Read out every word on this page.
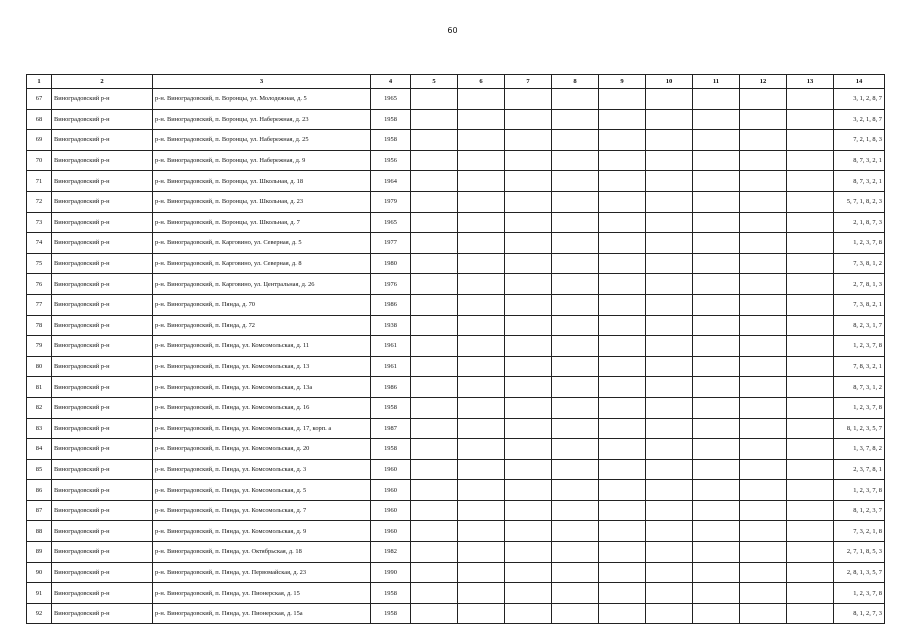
60
1	2	3	4	5	6	7	8	9	10	11	12	13	14
67	Виноградовский р-н	р-н. Виноградовский, п. Воронцы, ул. Молодежная, д. 5	1965										3, 1, 2, 8, 7
68	Виноградовский р-н	р-н. Виноградовский, п. Воронцы, ул. Набережная, д. 23	1958										3, 2, 1, 8, 7
69	Виноградовский р-н	р-н. Виноградовский, п. Воронцы, ул. Набережная, д. 25	1958										7, 2, 1, 8, 3
70	Виноградовский р-н	р-н. Виноградовский, п. Воронцы, ул. Набережная, д. 9	1956										8, 7, 3, 2, 1
71	Виноградовский р-н	р-н. Виноградовский, п. Воронцы, ул. Школьная, д. 18	1964										8, 7, 3, 2, 1
72	Виноградовский р-н	р-н. Виноградовский, п. Воронцы, ул. Школьная, д. 23	1979										5, 7, 1, 8, 2, 3
73	Виноградовский р-н	р-н. Виноградовский, п. Воронцы, ул. Школьная, д. 7	1965										2, 1, 8, 7, 3
74	Виноградовский р-н	р-н. Виноградовский, п. Карговино, ул. Северная, д. 5	1977										1, 2, 3, 7, 8
75	Виноградовский р-н	р-н. Виноградовский, п. Карговино, ул. Северная, д. 8	1980										7, 3, 8, 1, 2
76	Виноградовский р-н	р-н. Виноградовский, п. Карговино, ул. Центральная, д. 26	1976										2, 7, 8, 1, 3
77	Виноградовский р-н	р-н. Виноградовский, п. Пянда, д. 70	1986										7, 3, 8, 2, 1
78	Виноградовский р-н	р-н. Виноградовский, п. Пянда, д. 72	1938										8, 2, 3, 1, 7
79	Виноградовский р-н	р-н. Виноградовский, п. Пянда, ул. Комсомольская, д. 11	1961										1, 2, 3, 7, 8
80	Виноградовский р-н	р-н. Виноградовский, п. Пянда, ул. Комсомольская, д. 13	1961										7, 8, 3, 2, 1
81	Виноградовский р-н	р-н. Виноградовский, п. Пянда, ул. Комсомольская, д. 13а	1986										8, 7, 3, 1, 2
82	Виноградовский р-н	р-н. Виноградовский, п. Пянда, ул. Комсомольская, д. 16	1958										1, 2, 3, 7, 8
83	Виноградовский р-н	р-н. Виноградовский, п. Пянда, ул. Комсомольская, д. 17, корп. а	1987										8, 1, 2, 3, 5, 7
84	Виноградовский р-н	р-н. Виноградовский, п. Пянда, ул. Комсомольская, д. 20	1958										1, 3, 7, 8, 2
85	Виноградовский р-н	р-н. Виноградовский, п. Пянда, ул. Комсомольская, д. 3	1960										2, 3, 7, 8, 1
86	Виноградовский р-н	р-н. Виноградовский, п. Пянда, ул. Комсомольская, д. 5	1960										1, 2, 3, 7, 8
87	Виноградовский р-н	р-н. Виноградовский, п. Пянда, ул. Комсомольская, д. 7	1960										8, 1, 2, 3, 7
88	Виноградовский р-н	р-н. Виноградовский, п. Пянда, ул. Комсомольская, д. 9	1960										7, 3, 2, 1, 8
89	Виноградовский р-н	р-н. Виноградовский, п. Пянда, ул. Октябрьская, д. 18	1982										2, 7, 1, 8, 5, 3
90	Виноградовский р-н	р-н. Виноградовский, п. Пянда, ул. Первомайская, д. 23	1990										2, 8, 1, 3, 5, 7
91	Виноградовский р-н	р-н. Виноградовский, п. Пянда, ул. Пионерская, д. 15	1958										1, 2, 3, 7, 8
92	Виноградовский р-н	р-н. Виноградовский, п. Пянда, ул. Пионерская, д. 15а	1958										8, 1, 2, 7, 3
